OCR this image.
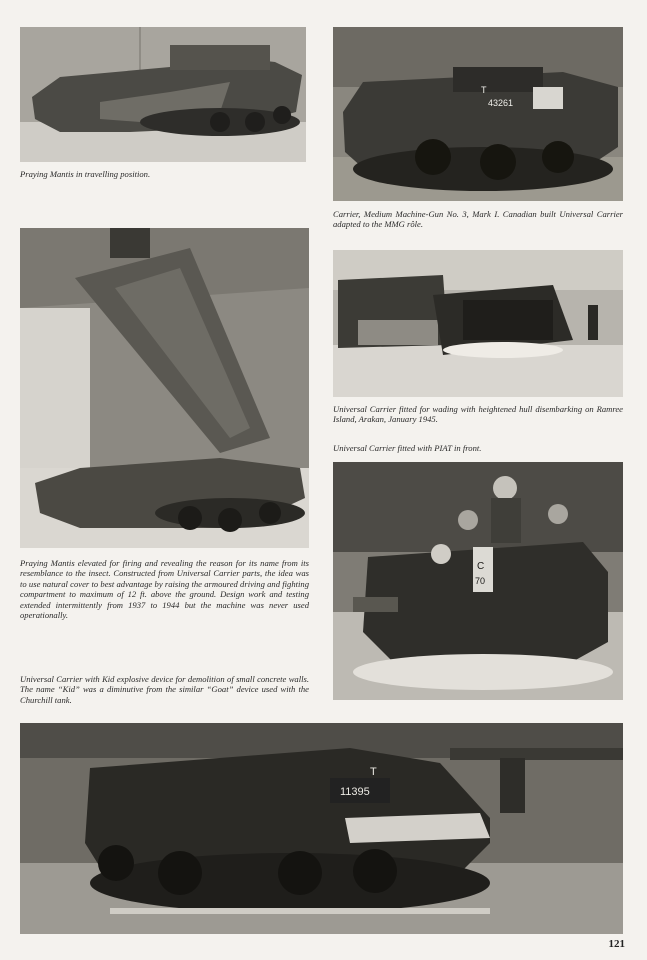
Praying Mantis in travelling position.

T
43261

Carrier, Medium Machine-Gun No. 3, Mark I. Canadian built Universal Carrier adapted to the MMG rôle.

Praying Mantis elevated for firing and revealing the reason for its name from its resemblance to the insect. Constructed from Universal Carrier parts, the idea was to use natural cover to best advantage by raising the armoured driving and fighting compartment to maximum of 12 ft. above the ground. Design work and testing extended intermittently from 1937 to 1944 but the machine was never used operationally.

Universal Carrier fitted for wading with heightened hull disembarking on Ramree Island, Arakan, January 1945.

Universal Carrier fitted with PIAT in front.

C
70

Universal Carrier with Kid explosive device for demolition of small concrete walls. The name “Kid” was a diminutive from the similar “Goat” device used with the Churchill tank.

T
11395
121
